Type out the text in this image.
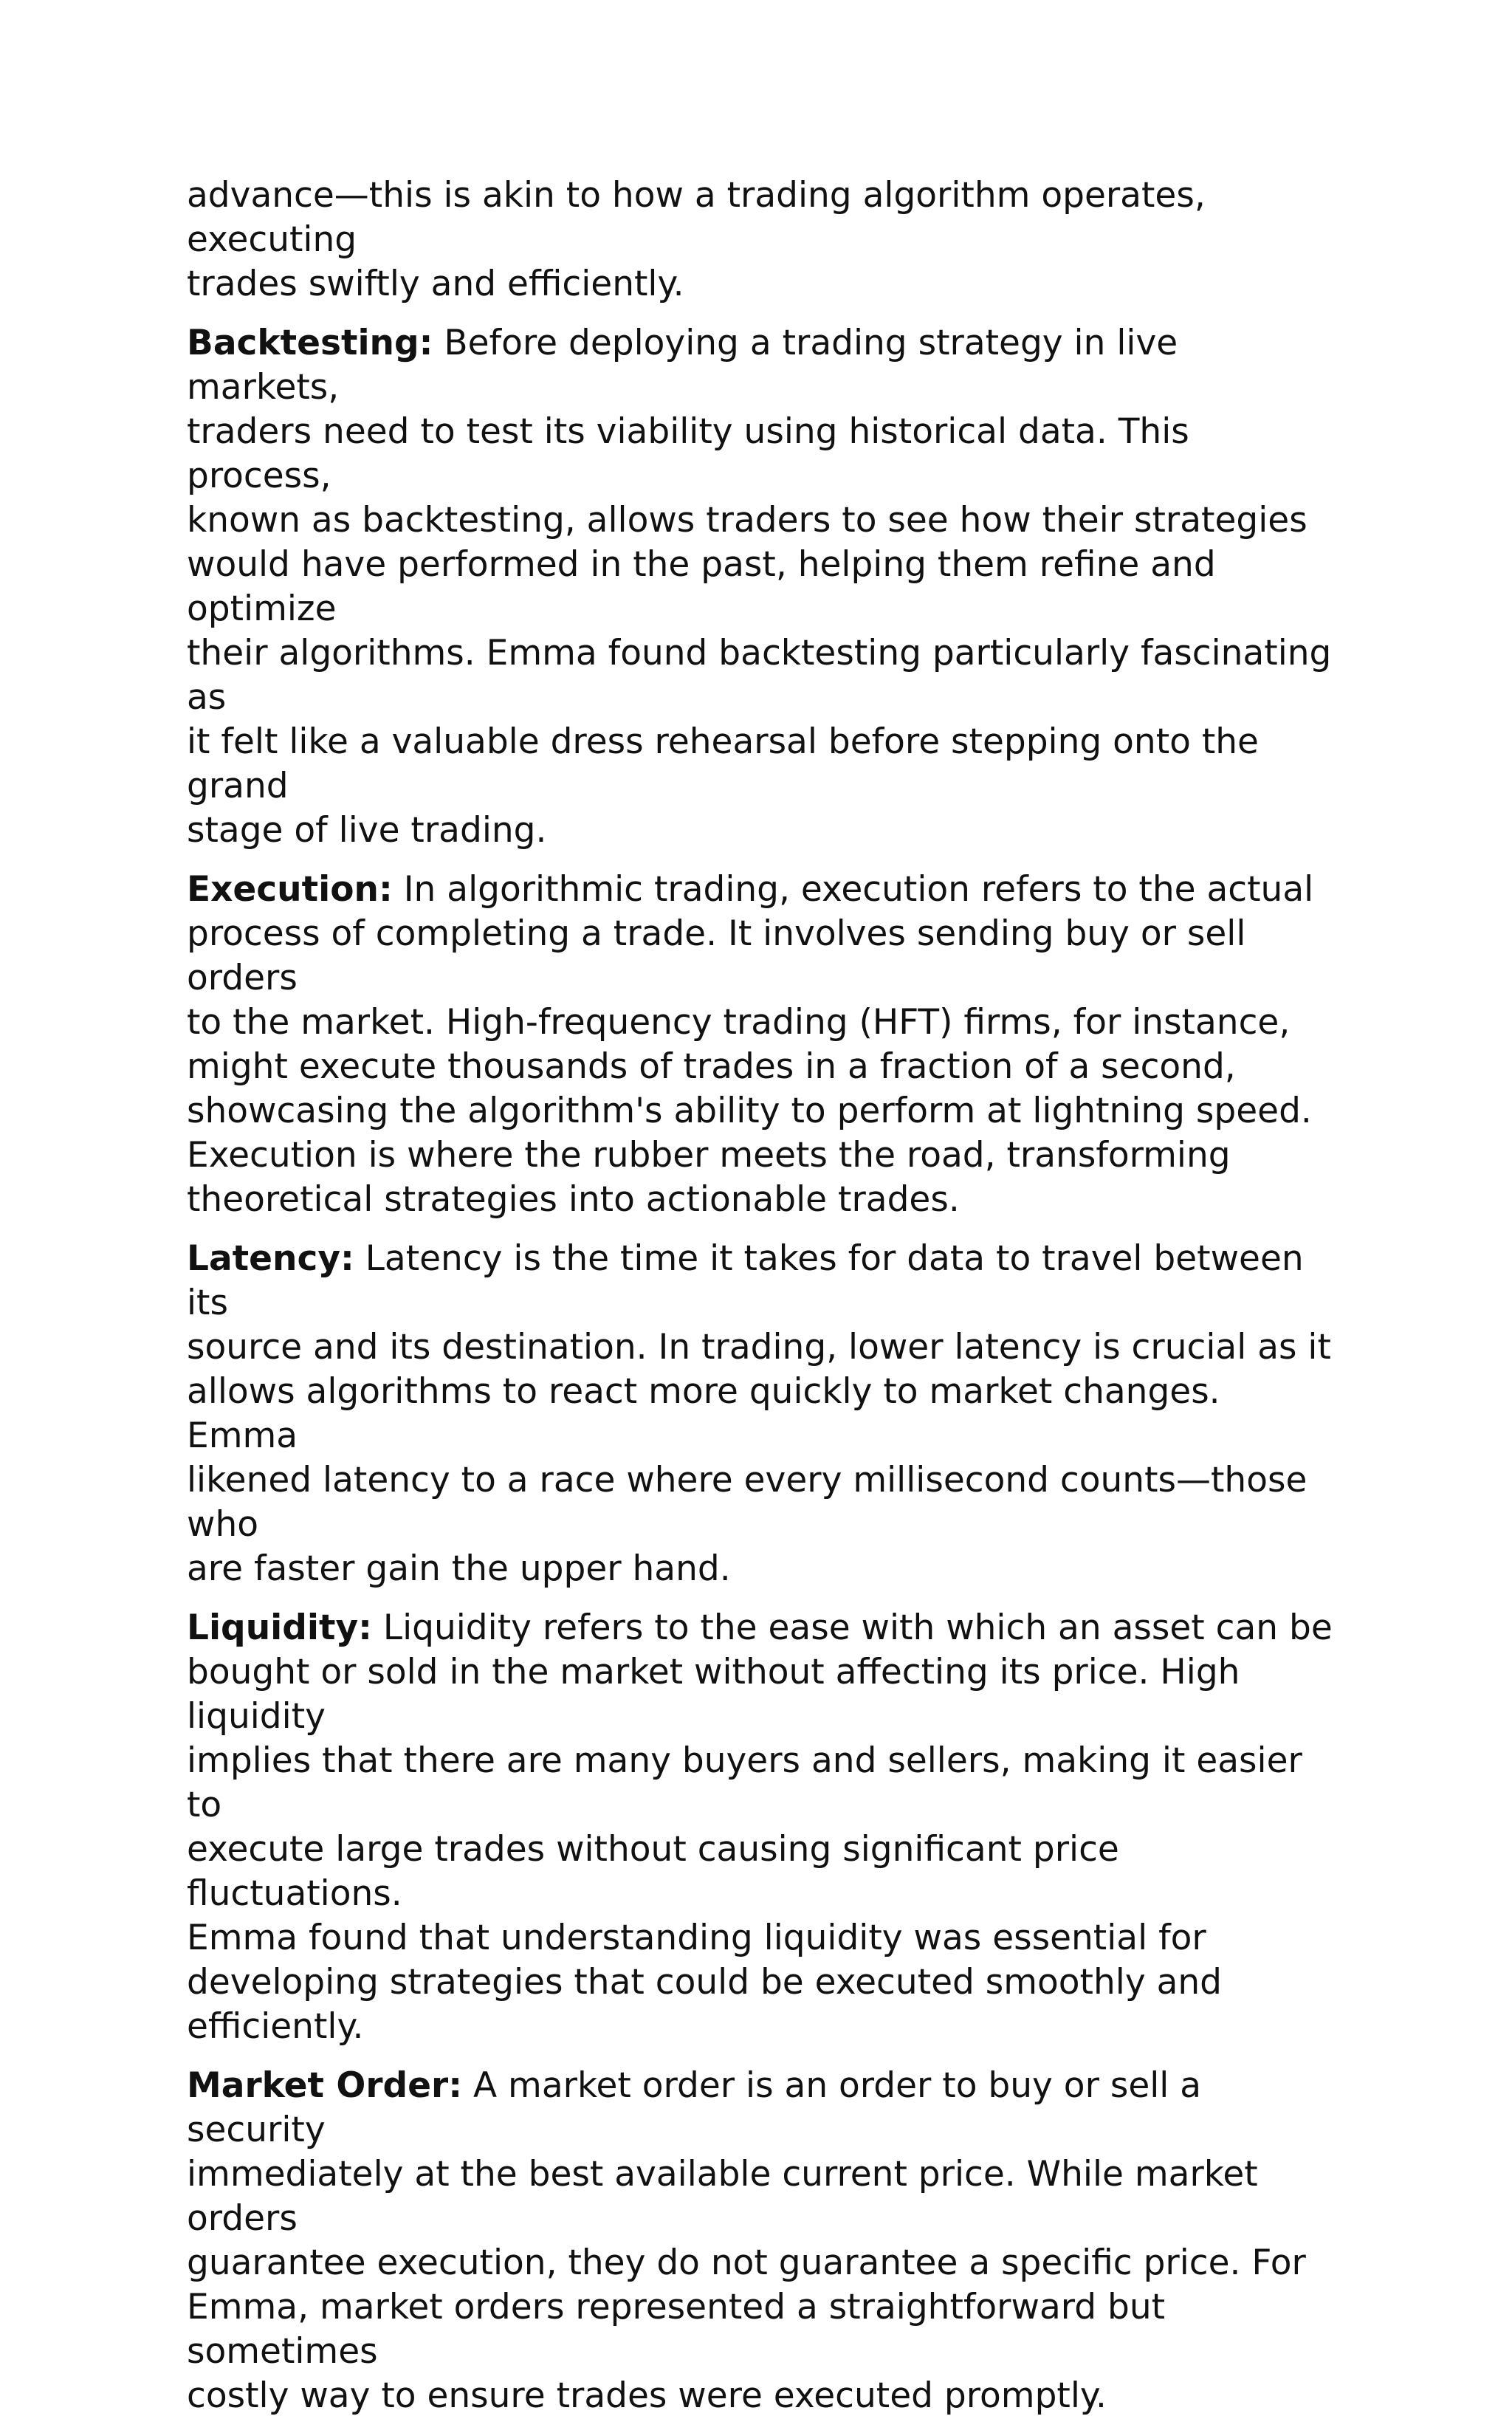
advance—this is akin to how a trading algorithm operates, executing
trades swiftly and efficiently.
Backtesting: Before deploying a trading strategy in live markets,
traders need to test its viability using historical data. This process,
known as backtesting, allows traders to see how their strategies
would have performed in the past, helping them refine and optimize
their algorithms. Emma found backtesting particularly fascinating as
it felt like a valuable dress rehearsal before stepping onto the grand
stage of live trading.
Execution: In algorithmic trading, execution refers to the actual
process of completing a trade. It involves sending buy or sell orders
to the market. High-frequency trading (HFT) firms, for instance,
might execute thousands of trades in a fraction of a second,
showcasing the algorithm's ability to perform at lightning speed.
Execution is where the rubber meets the road, transforming
theoretical strategies into actionable trades.
Latency: Latency is the time it takes for data to travel between its
source and its destination. In trading, lower latency is crucial as it
allows algorithms to react more quickly to market changes. Emma
likened latency to a race where every millisecond counts—those who
are faster gain the upper hand.
Liquidity: Liquidity refers to the ease with which an asset can be
bought or sold in the market without affecting its price. High liquidity
implies that there are many buyers and sellers, making it easier to
execute large trades without causing significant price fluctuations.
Emma found that understanding liquidity was essential for
developing strategies that could be executed smoothly and
efficiently.
Market Order: A market order is an order to buy or sell a security
immediately at the best available current price. While market orders
guarantee execution, they do not guarantee a specific price. For
Emma, market orders represented a straightforward but sometimes
costly way to ensure trades were executed promptly.
